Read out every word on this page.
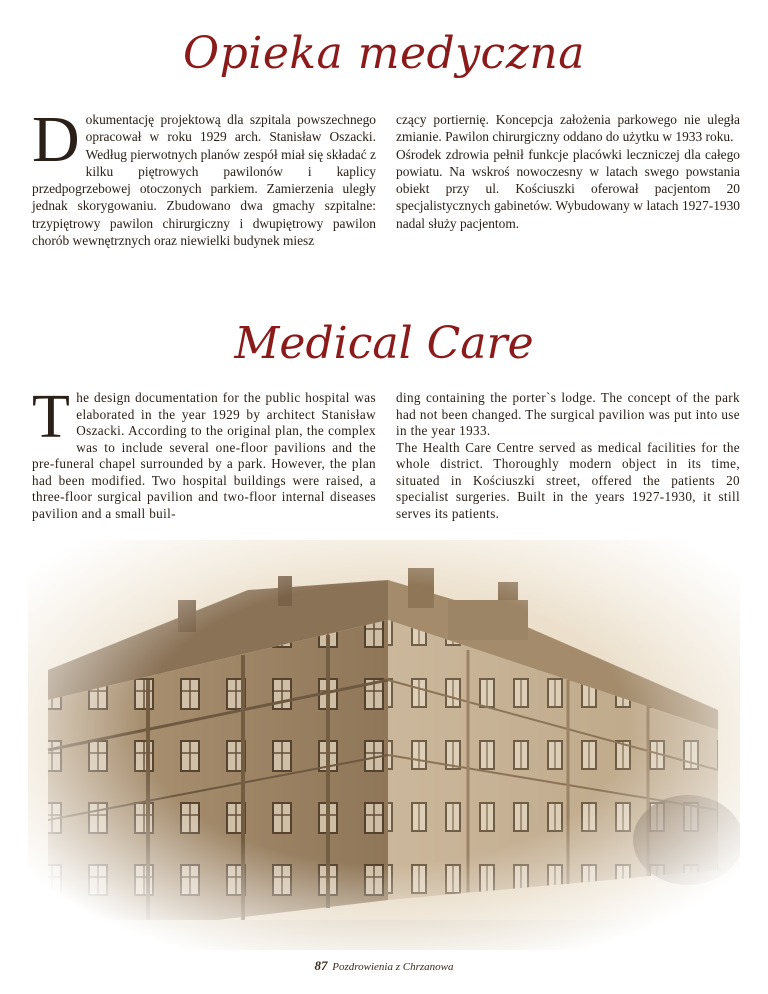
Opieka medyczna
D okumentację projektową dla szpitala powszechnego opracował w roku 1929 arch. Stanisław Oszacki. Według pierwotnych planów zespół miał się składać z kilku piętrowych pawilonów i kaplicy przedpogrzebowej otoczonych parkiem. Zamierzenia uległy jednak skorygowaniu. Zbudowano dwa gmachy szpitalne: trzypiętrowy pawilon chirurgiczny i dwupiętrowy pawilon chorób wewnętrznych oraz niewielki budynek miesz

czący portiernię. Koncepcja założenia parkowego nie uległa zmianie. Pawilon chirurgiczny oddano do użytku w 1933 roku.

Ośrodek zdrowia pełnił funkcje placówki leczniczej dla całego powiatu. Na wskroś nowoczesny w latach swego powstania obiekt przy ul. Kościuszki oferował pacjentom 20 specjalistycznych gabinetów. Wybudowany w latach 1927-1930 nadal służy pacjentom.

Medical Care
T he design documentation for the public hospital was elaborated in the year 1929 by architect Stanisław Oszacki. According to the original plan, the complex was to include several one-floor pavilions and the pre-funeral chapel surrounded by a park. However, the plan had been modified. Two hospital buildings were raised, a three-floor surgical pavilion and two-floor internal diseases pavilion and a small buil-

ding containing the porter`s lodge. The concept of the park had not been changed. The surgical pavilion was put into use in the year 1933.

The Health Care Centre served as medical facilities for the whole district. Thoroughly modern object in its time, situated in Kościuszki street, offered the patients 20 specialist surgeries. Built in the years 1927-1930, it still serves its patients.

87 Pozdrowienia z Chrzanowa
